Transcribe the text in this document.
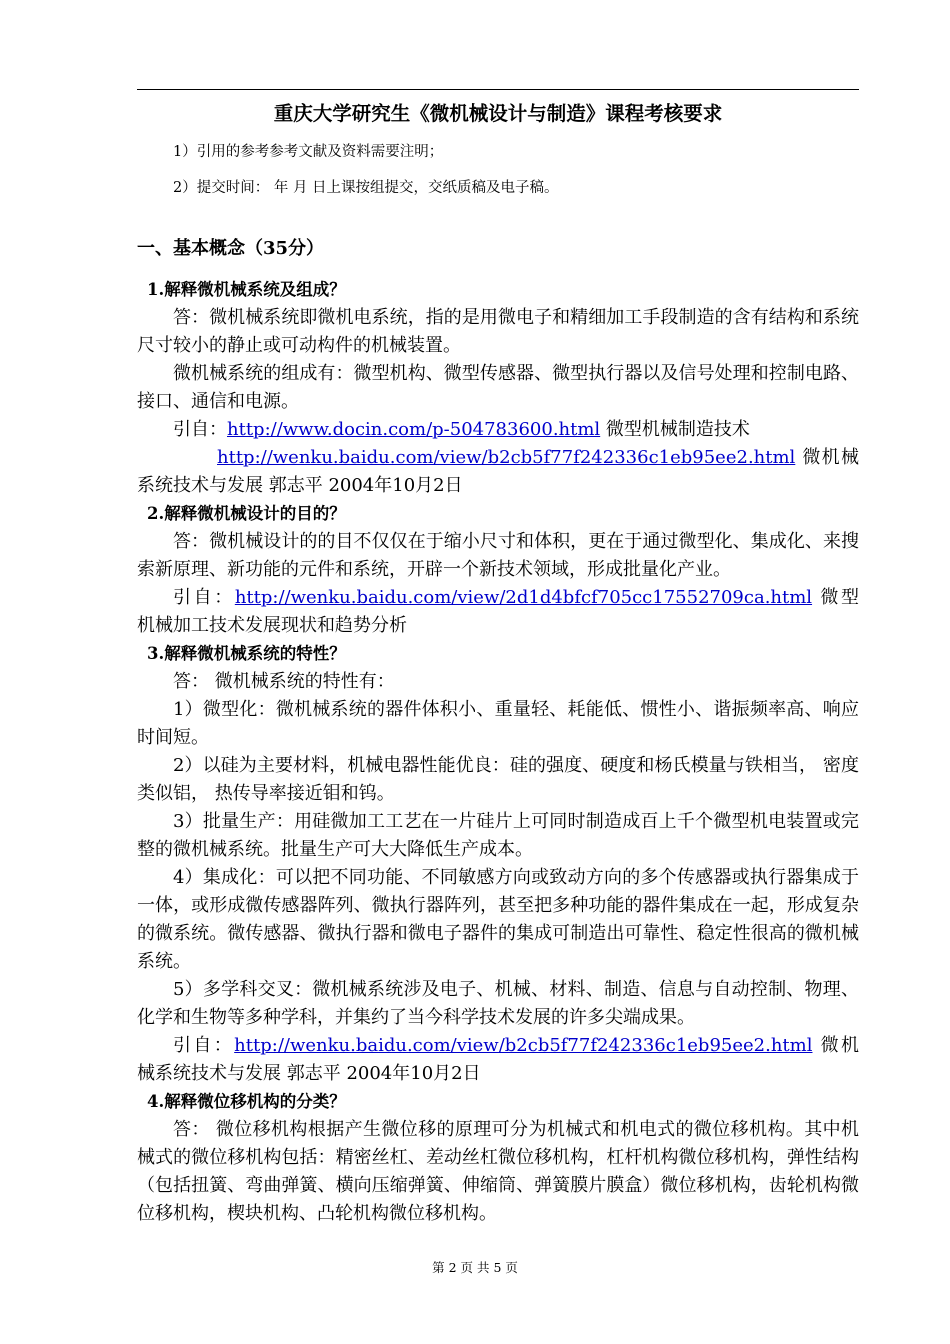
重庆大学研究生《微机械设计与制造》课程考核要求
1）引用的参考参考文献及资料需要注明；
2）提交时间： 年 月 日上课按组提交，交纸质稿及电子稿。
一、基本概念（35分）
1.解释微机械系统及组成？

答：微机械系统即微机电系统，指的是用微电子和精细加工手段制造的含有结构和系统尺寸较小的静止或可动构件的机械装置。

微机械系统的组成有：微型机构、微型传感器、微型执行器以及信号处理和控制电路、接口、通信和电源。

引自：http://www.docin.com/p-504783600.html 微型机械制造技术

http://wenku.baidu.com/view/b2cb5f77f242336c1eb95ee2.html 微机械系统技术与发展 郭志平 2004年10月2日

2.解释微机械设计的目的？

答：微机械设计的的目不仅仅在于缩小尺寸和体积，更在于通过微型化、集成化、来搜索新原理、新功能的元件和系统，开辟一个新技术领域，形成批量化产业。

引自：http://wenku.baidu.com/view/2d1d4bfcf705cc17552709ca.html 微型机械加工技术发展现状和趋势分析

3.解释微机械系统的特性？

答： 微机械系统的特性有：

1）微型化：微机械系统的器件体积小、重量轻、耗能低、惯性小、谐振频率高、响应时间短。

2）以硅为主要材料，机械电器性能优良：硅的强度、硬度和杨氏模量与铁相当， 密度类似铝， 热传导率接近钼和钨。

3）批量生产：用硅微加工工艺在一片硅片上可同时制造成百上千个微型机电装置或完整的微机械系统。批量生产可大大降低生产成本。

4）集成化：可以把不同功能、不同敏感方向或致动方向的多个传感器或执行器集成于一体，或形成微传感器阵列、微执行器阵列，甚至把多种功能的器件集成在一起，形成复杂的微系统。微传感器、微执行器和微电子器件的集成可制造出可靠性、稳定性很高的微机械系统。

5）多学科交叉：微机械系统涉及电子、机械、材料、制造、信息与自动控制、物理、化学和生物等多种学科，并集约了当今科学技术发展的许多尖端成果。

引自：http://wenku.baidu.com/view/b2cb5f77f242336c1eb95ee2.html 微机械系统技术与发展 郭志平 2004年10月2日

4.解释微位移机构的分类？

答： 微位移机构根据产生微位移的原理可分为机械式和机电式的微位移机构。其中机械式的微位移机构包括：精密丝杠、差动丝杠微位移机构，杠杆机构微位移机构，弹性结构（包括扭簧、弯曲弹簧、横向压缩弹簧、伸缩筒、弹簧膜片膜盒）微位移机构，齿轮机构微位移机构，楔块机构、凸轮机构微位移机构。

第 2 页 共 5 页
